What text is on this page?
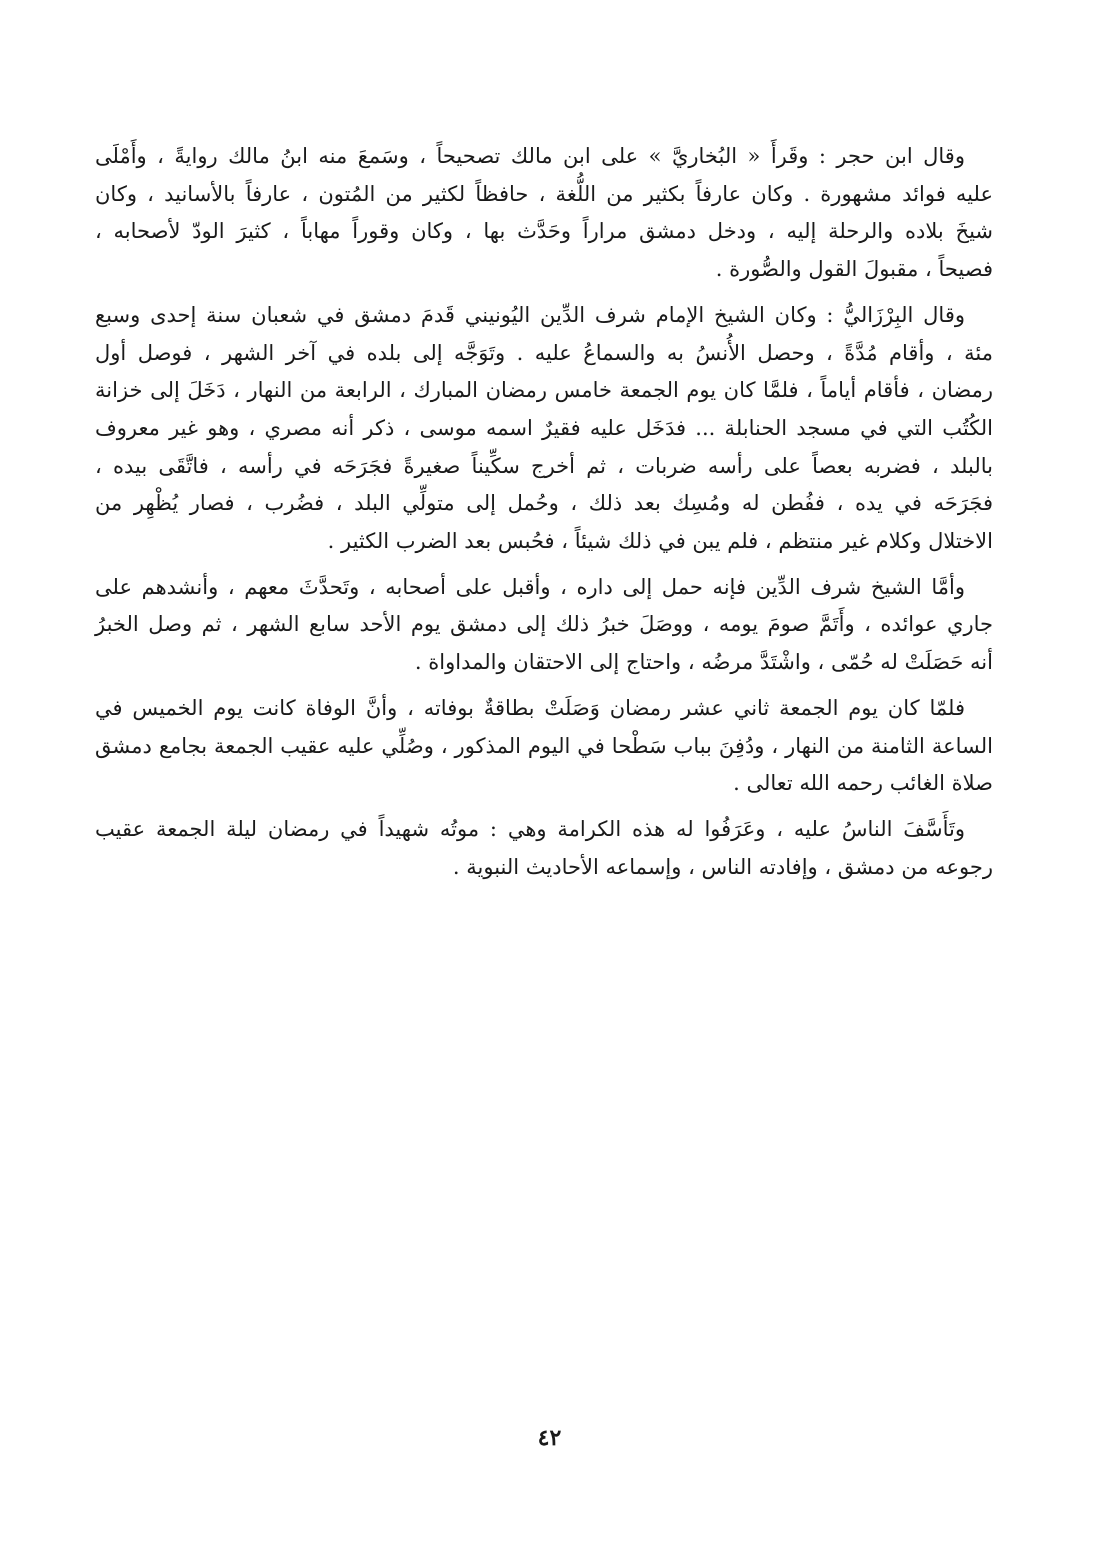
وقال ابن حجر : وقَرأَ « البُخاريَّ » على ابن مالك تصحيحاً ، وسَمعَ منه ابنُ مالك روايةً ، وأَمْلَى
عليه فوائد مشهورة . وكان عارفاً بكثير من اللُّغة ، حافظاً لكثير من المُتون ، عارفاً بالأسانيد ، وكان
شيخَ بلاده والرحلة إليه ، ودخل دمشق مراراً وحَدَّث بها ، وكان وقوراً مهاباً ، كثيرَ الودّ لأصحابه ،
فصيحاً ، مقبولَ القول والصُّورة .
وقال البِرْزَاليُّ : وكان الشيخ الإمام شرف الدِّين اليُونيني قَدمَ دمشق في شعبان سنة إحدى وسبع
مئة ، وأقام مُدَّةً ، وحصل الأُنسُ به والسماعُ عليه . وتَوَجَّه إلى بلده في آخر الشهر ، فوصل أول
رمضان ، فأقام أياماً ، فلمَّا كان يوم الجمعة خامس رمضان المبارك ، الرابعة من النهار ، دَخَلَ إلى خزانة
الكُتُب التي في مسجد الحنابلة ... فدَخَل عليه فقيرٌ اسمه موسى ، ذكر أنه مصري ، وهو غير معروف
بالبلد ، فضربه بعصاً على رأسه ضربات ، ثم أخرج سكِّيناً صغيرةً فجَرَحَه في رأسه ، فاتَّقَى بيده ،
فجَرَحَه في يده ، ففُطن له ومُسِك بعد ذلك ، وحُمل إلى متولِّي البلد ، فضُرب ، فصار يُظْهِر من
الاختلال وكلام غير منتظم ، فلم يبن في ذلك شيئاً ، فحُبس بعد الضرب الكثير .
وأمَّا الشيخ شرف الدِّين فإنه حمل إلى داره ، وأقبل على أصحابه ، وتَحدَّثَ معهم ، وأنشدهم على
جاري عوائده ، وأَتَمَّ صومَ يومه ، ووصَلَ خبرُ ذلك إلى دمشق يوم الأحد سابع الشهر ، ثم وصل الخبرُ
أنه حَصَلَتْ له حُمّى ، واشْتَدَّ مرضُه ، واحتاج إلى الاحتقان والمداواة .
فلمّا كان يوم الجمعة ثاني عشر رمضان وَصَلَتْ بطاقةٌ بوفاته ، وأنَّ الوفاة كانت يوم الخميس في
الساعة الثامنة من النهار ، ودُفِنَ بباب سَطْحا في اليوم المذكور ، وصُلِّي عليه عقيب الجمعة بجامع دمشق
صلاة الغائب رحمه الله تعالى .
وتَأَسَّفَ الناسُ عليه ، وعَرَفُوا له هذه الكرامة وهي : موتُه شهيداً في رمضان ليلة الجمعة عقيب
رجوعه من دمشق ، وإفادته الناس ، وإسماعه الأحاديث النبوية .
٤٢
